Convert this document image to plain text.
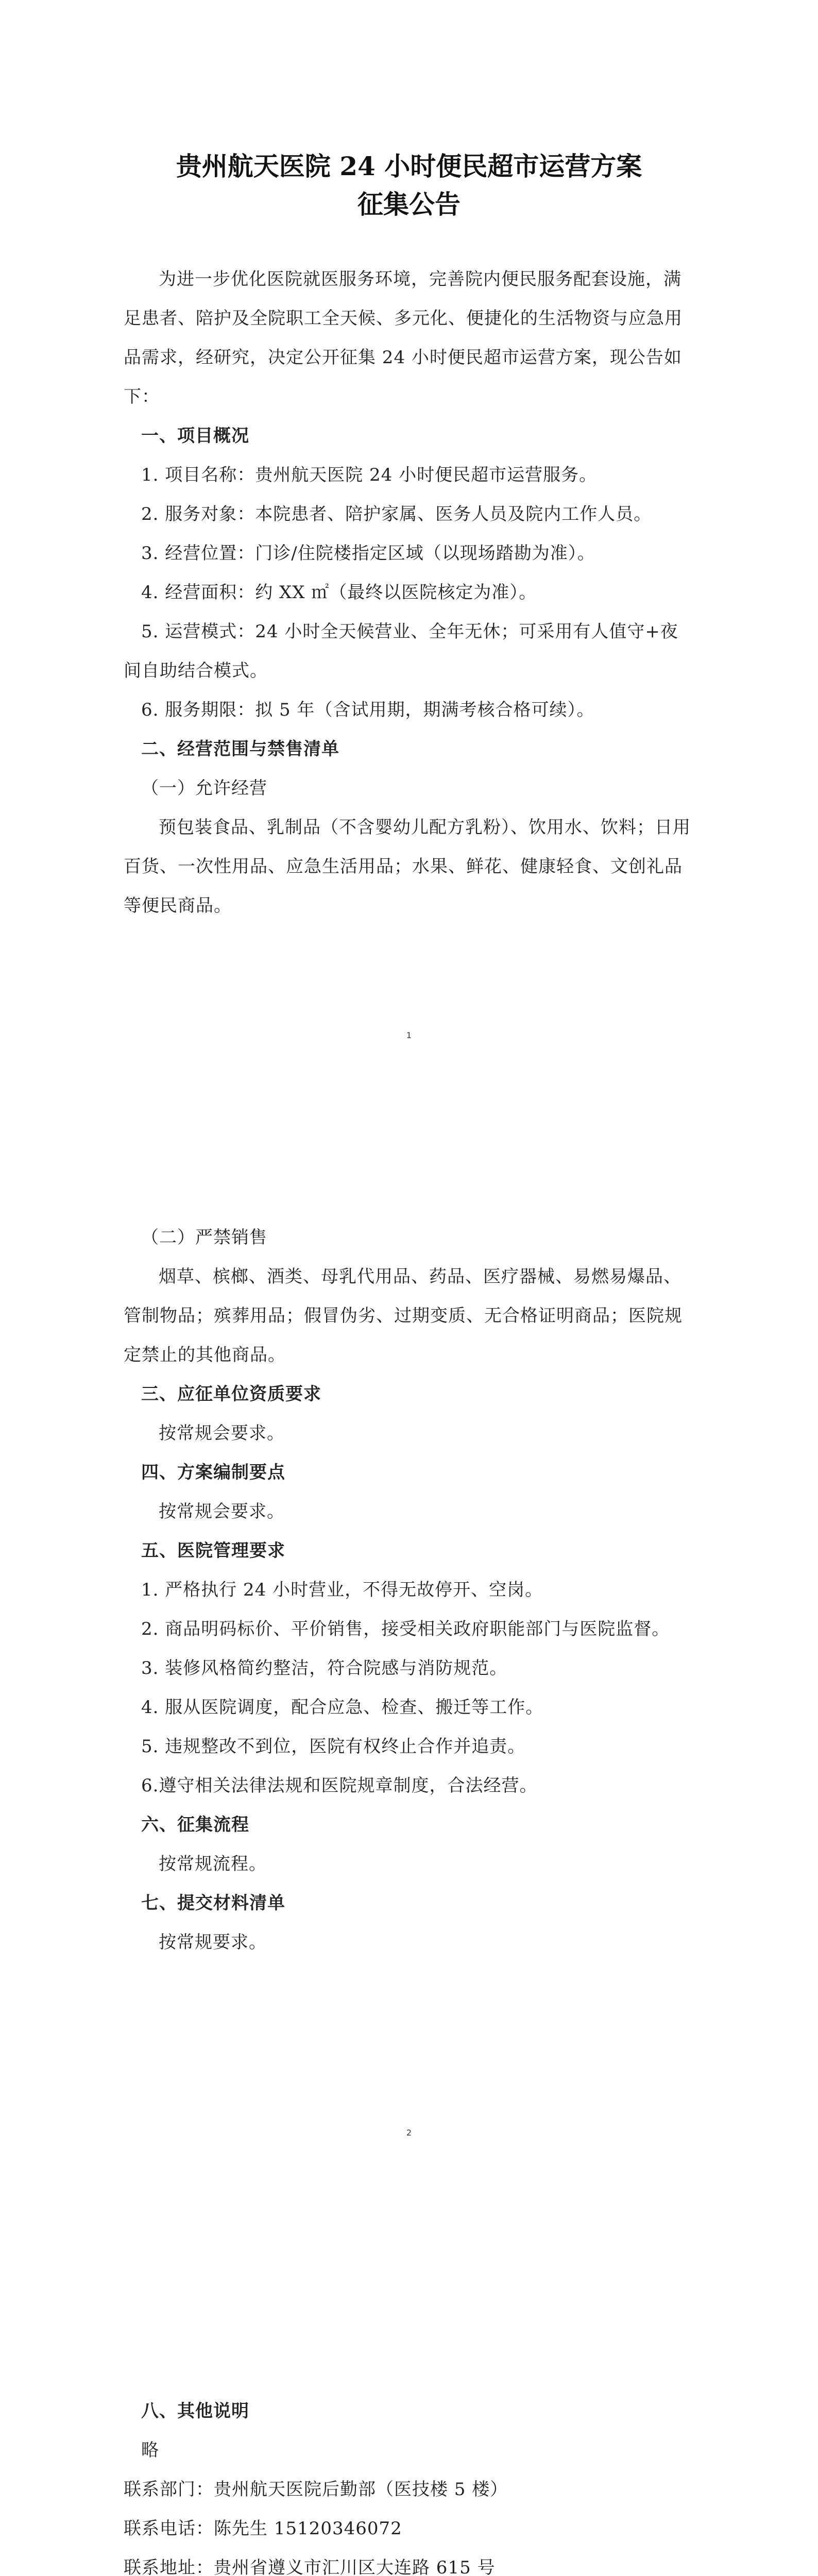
贵州航天医院 24 小时便民超市运营方案
征集公告

为进一步优化医院就医服务环境，完善院内便民服务配套设施，满足患者、陪护及全院职工全天候、多元化、便捷化的生活物资与应急用品需求，经研究，决定公开征集 24 小时便民超市运营方案，现公告如下：

一、项目概况

1. 项目名称：贵州航天医院 24 小时便民超市运营服务。

2. 服务对象：本院患者、陪护家属、医务人员及院内工作人员。

3. 经营位置：门诊/住院楼指定区域（以现场踏勘为准）。

4. 经营面积：约 XX ㎡（最终以医院核定为准）。

5. 运营模式：24 小时全天候营业、全年无休；可采用有人值守+夜间自助结合模式。

6. 服务期限：拟 5 年（含试用期，期满考核合格可续）。

二、经营范围与禁售清单

（一）允许经营

预包装食品、乳制品（不含婴幼儿配方乳粉）、饮用水、饮料；日用百货、一次性用品、应急生活用品；水果、鲜花、健康轻食、文创礼品等便民商品。

1

（二）严禁销售

烟草、槟榔、酒类、母乳代用品、药品、医疗器械、易燃易爆品、管制物品；殡葬用品；假冒伪劣、过期变质、无合格证明商品；医院规定禁止的其他商品。

三、应征单位资质要求

按常规会要求。

四、方案编制要点

按常规会要求。

五、医院管理要求

1. 严格执行 24 小时营业，不得无故停开、空岗。

2. 商品明码标价、平价销售，接受相关政府职能部门与医院监督。

3. 装修风格简约整洁，符合院感与消防规范。

4. 服从医院调度，配合应急、检查、搬迁等工作。

5. 违规整改不到位，医院有权终止合作并追责。

6.遵守相关法律法规和医院规章制度，合法经营。

六、征集流程

按常规流程。

七、提交材料清单

按常规要求。

2

八、其他说明

略

联系部门：贵州航天医院后勤部（医技楼 5 楼）

联系电话：陈先生 15120346072

联系地址：贵州省遵义市汇川区大连路 615 号
